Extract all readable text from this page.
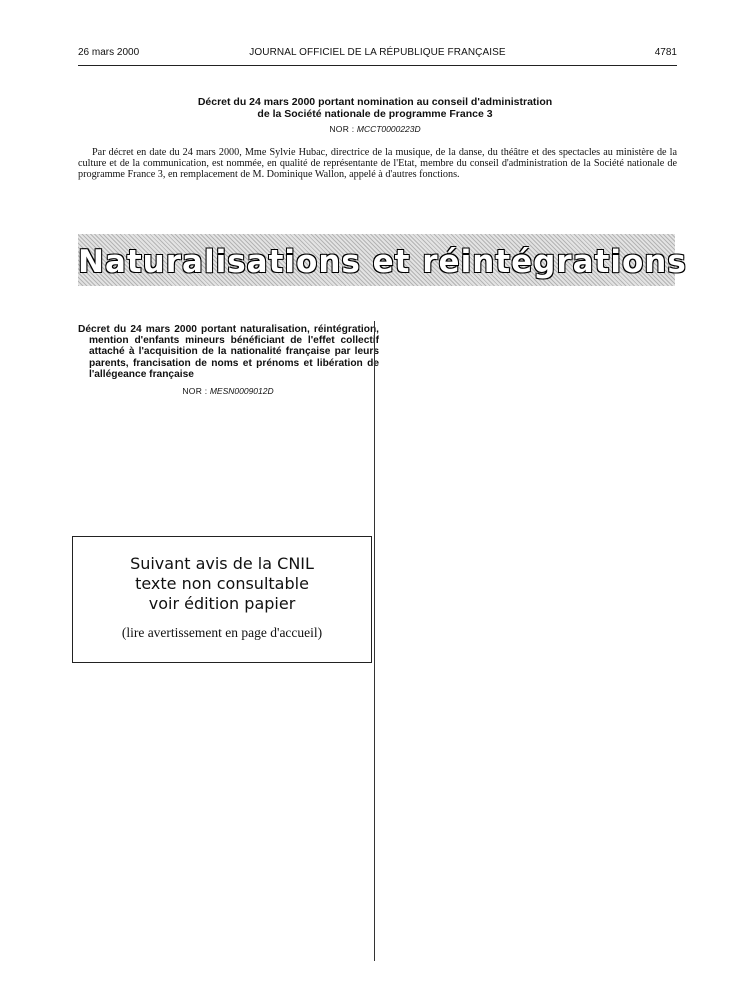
26 mars 2000	JOURNAL OFFICIEL DE LA RÉPUBLIQUE FRANÇAISE	4781
Décret du 24 mars 2000 portant nomination au conseil d'administration
de la Société nationale de programme France 3
NOR : MCCT0000223D
Par décret en date du 24 mars 2000, Mme Sylvie Hubac, directrice de la musique, de la danse, du théâtre et des spectacles au ministère de la culture et de la communication, est nommée, en qualité de représentante de l'Etat, membre du conseil d'administration de la Société nationale de programme France 3, en remplacement de M. Dominique Wallon, appelé à d'autres fonctions.
Naturalisations et réintégrations
Décret du 24 mars 2000 portant naturalisation, réintégration, mention d'enfants mineurs bénéficiant de l'effet collectif attaché à l'acquisition de la nationalité française par leurs parents, francisation de noms et prénoms et libération de l'allégeance française
NOR : MESN0009012D
Suivant avis de la CNIL
texte non consultable
voir édition papier
(lire avertissement en page d'accueil)
